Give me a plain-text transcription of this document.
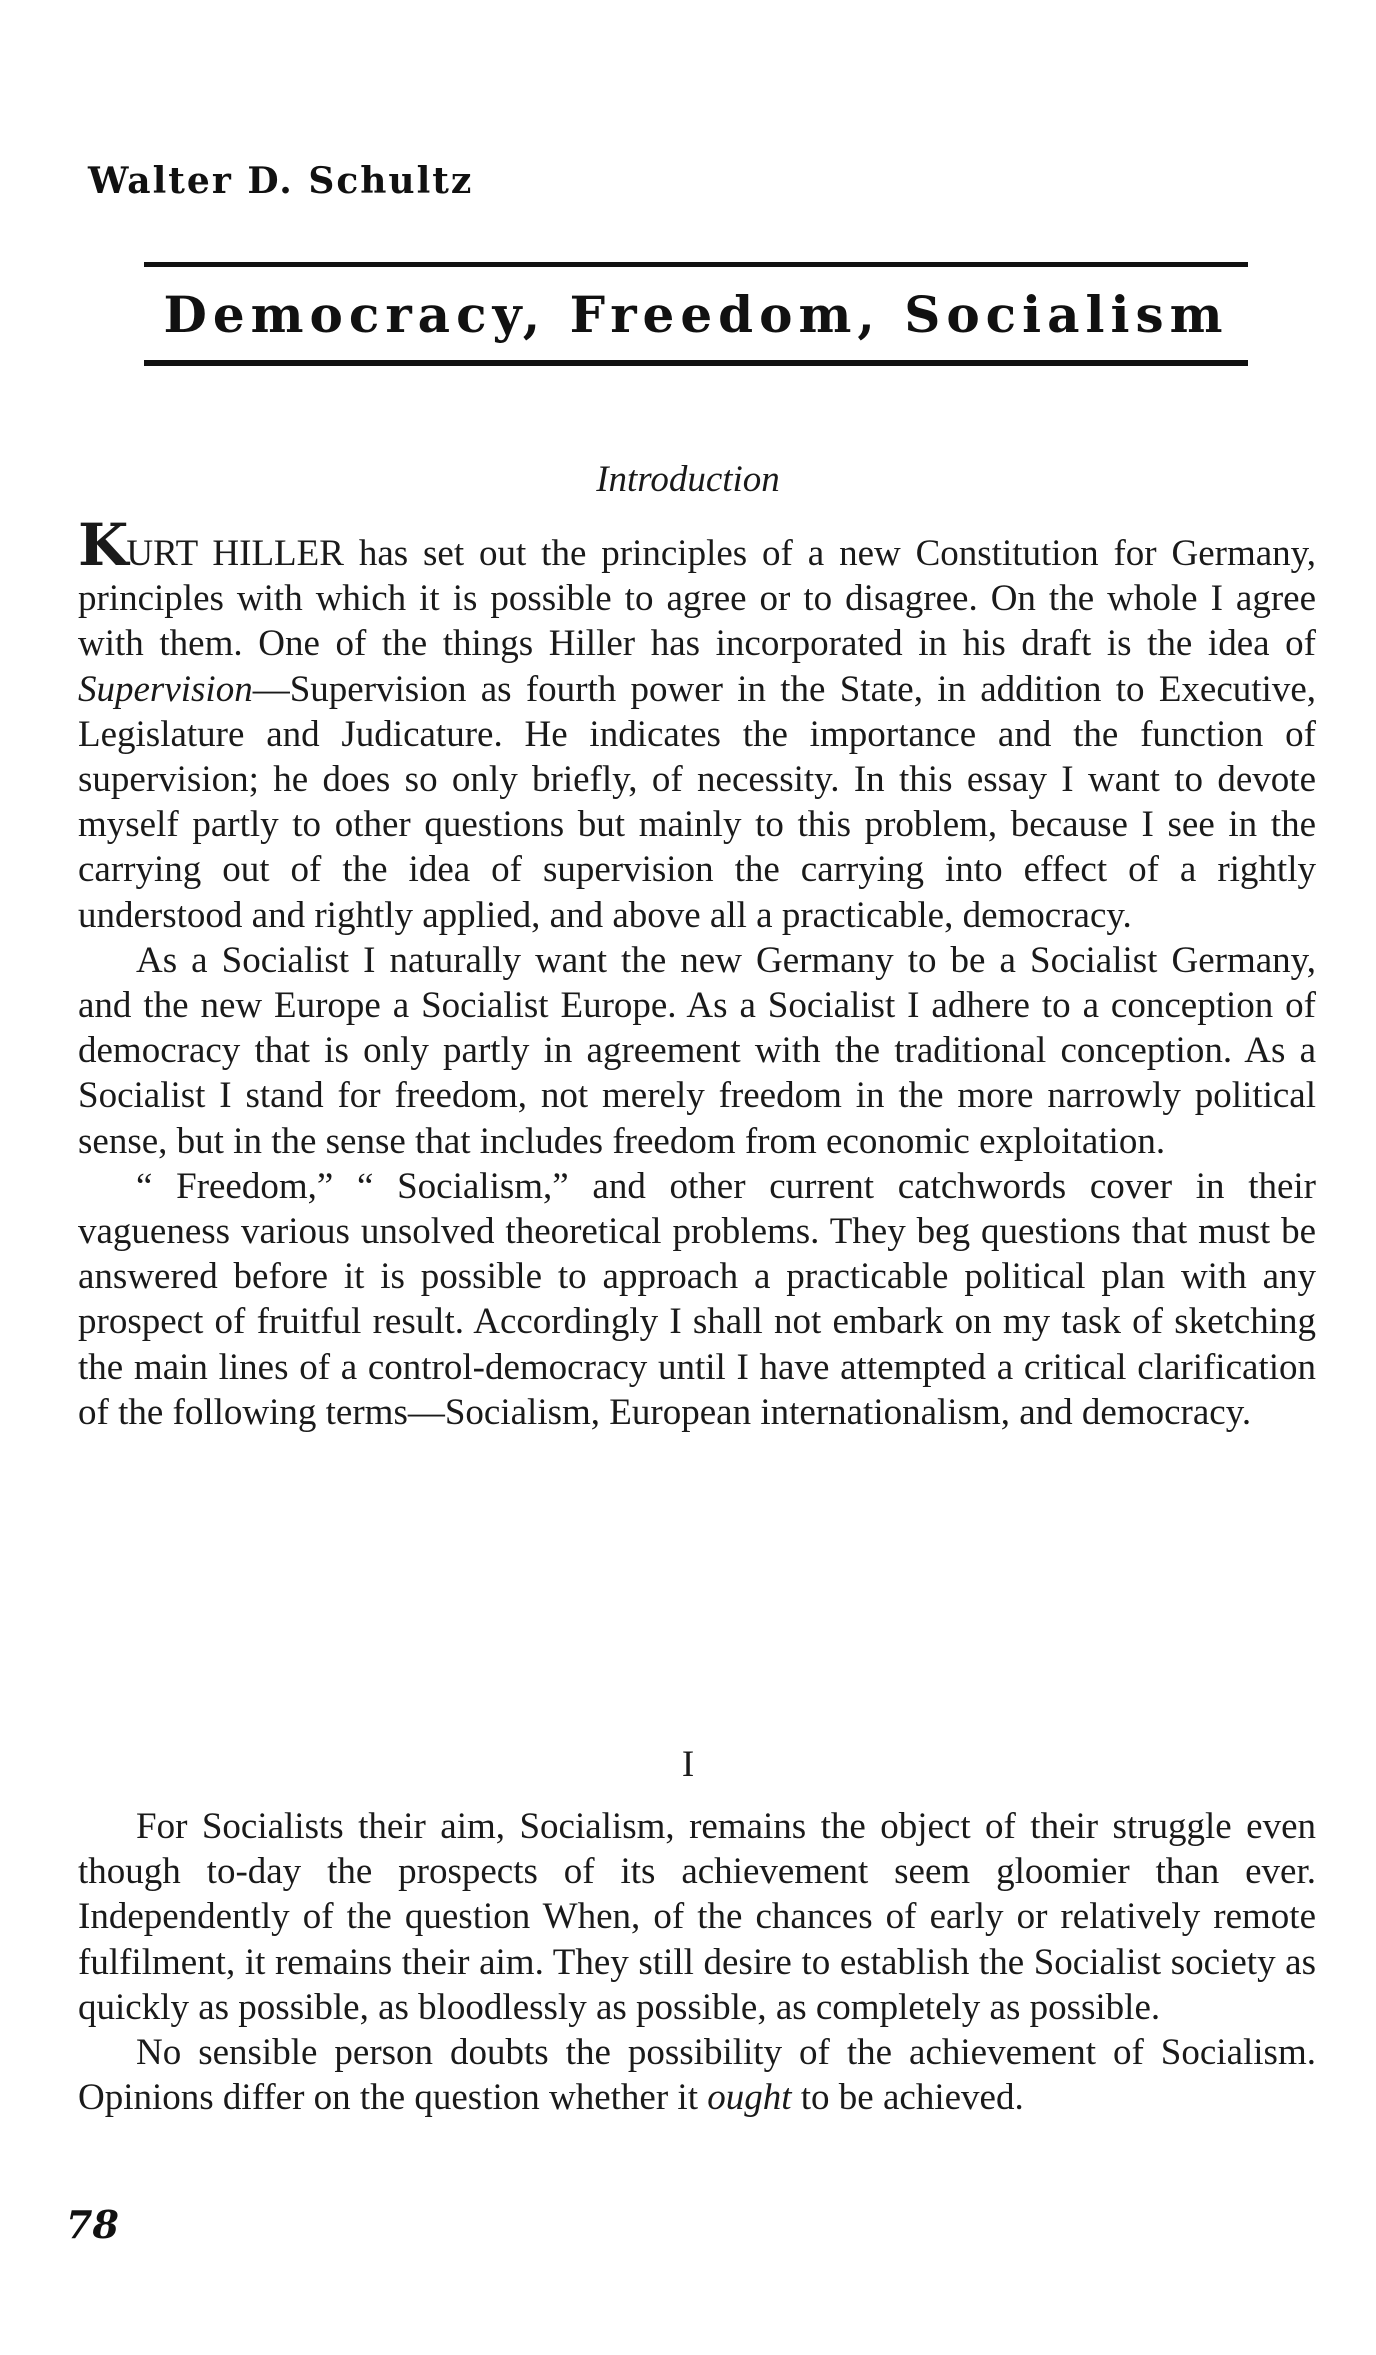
Walter D. Schultz
Democracy, Freedom, Socialism
Introduction

KURT HILLER has set out the principles of a new Constitution for Germany, principles with which it is possible to agree or to disagree. On the whole I agree with them. One of the things Hiller has incorporated in his draft is the idea of Supervision—Supervision as fourth power in the State, in addition to Executive, Legislature and Judicature. He indicates the importance and the function of supervision; he does so only briefly, of necessity. In this essay I want to devote myself partly to other questions but mainly to this problem, because I see in the carrying out of the idea of supervision the carrying into effect of a rightly understood and rightly applied, and above all a practicable, democracy.

As a Socialist I naturally want the new Germany to be a Socialist Germany, and the new Europe a Socialist Europe. As a Socialist I adhere to a conception of democracy that is only partly in agreement with the traditional conception. As a Socialist I stand for freedom, not merely freedom in the more narrowly political sense, but in the sense that includes freedom from economic exploitation.

“ Freedom,” “ Socialism,” and other current catchwords cover in their vagueness various unsolved theoretical problems. They beg questions that must be answered before it is possible to approach a practicable political plan with any prospect of fruitful result. Accordingly I shall not embark on my task of sketching the main lines of a control-democracy until I have attempted a critical clarification of the following terms—Socialism, European internationalism, and democracy.

I

For Socialists their aim, Socialism, remains the object of their struggle even though to-day the prospects of its achievement seem gloomier than ever. Independently of the question When, of the chances of early or relatively remote fulfilment, it remains their aim. They still desire to establish the Socialist society as quickly as possible, as bloodlessly as possible, as completely as possible.

No sensible person doubts the possibility of the achievement of Socialism. Opinions differ on the question whether it ought to be achieved.

78
